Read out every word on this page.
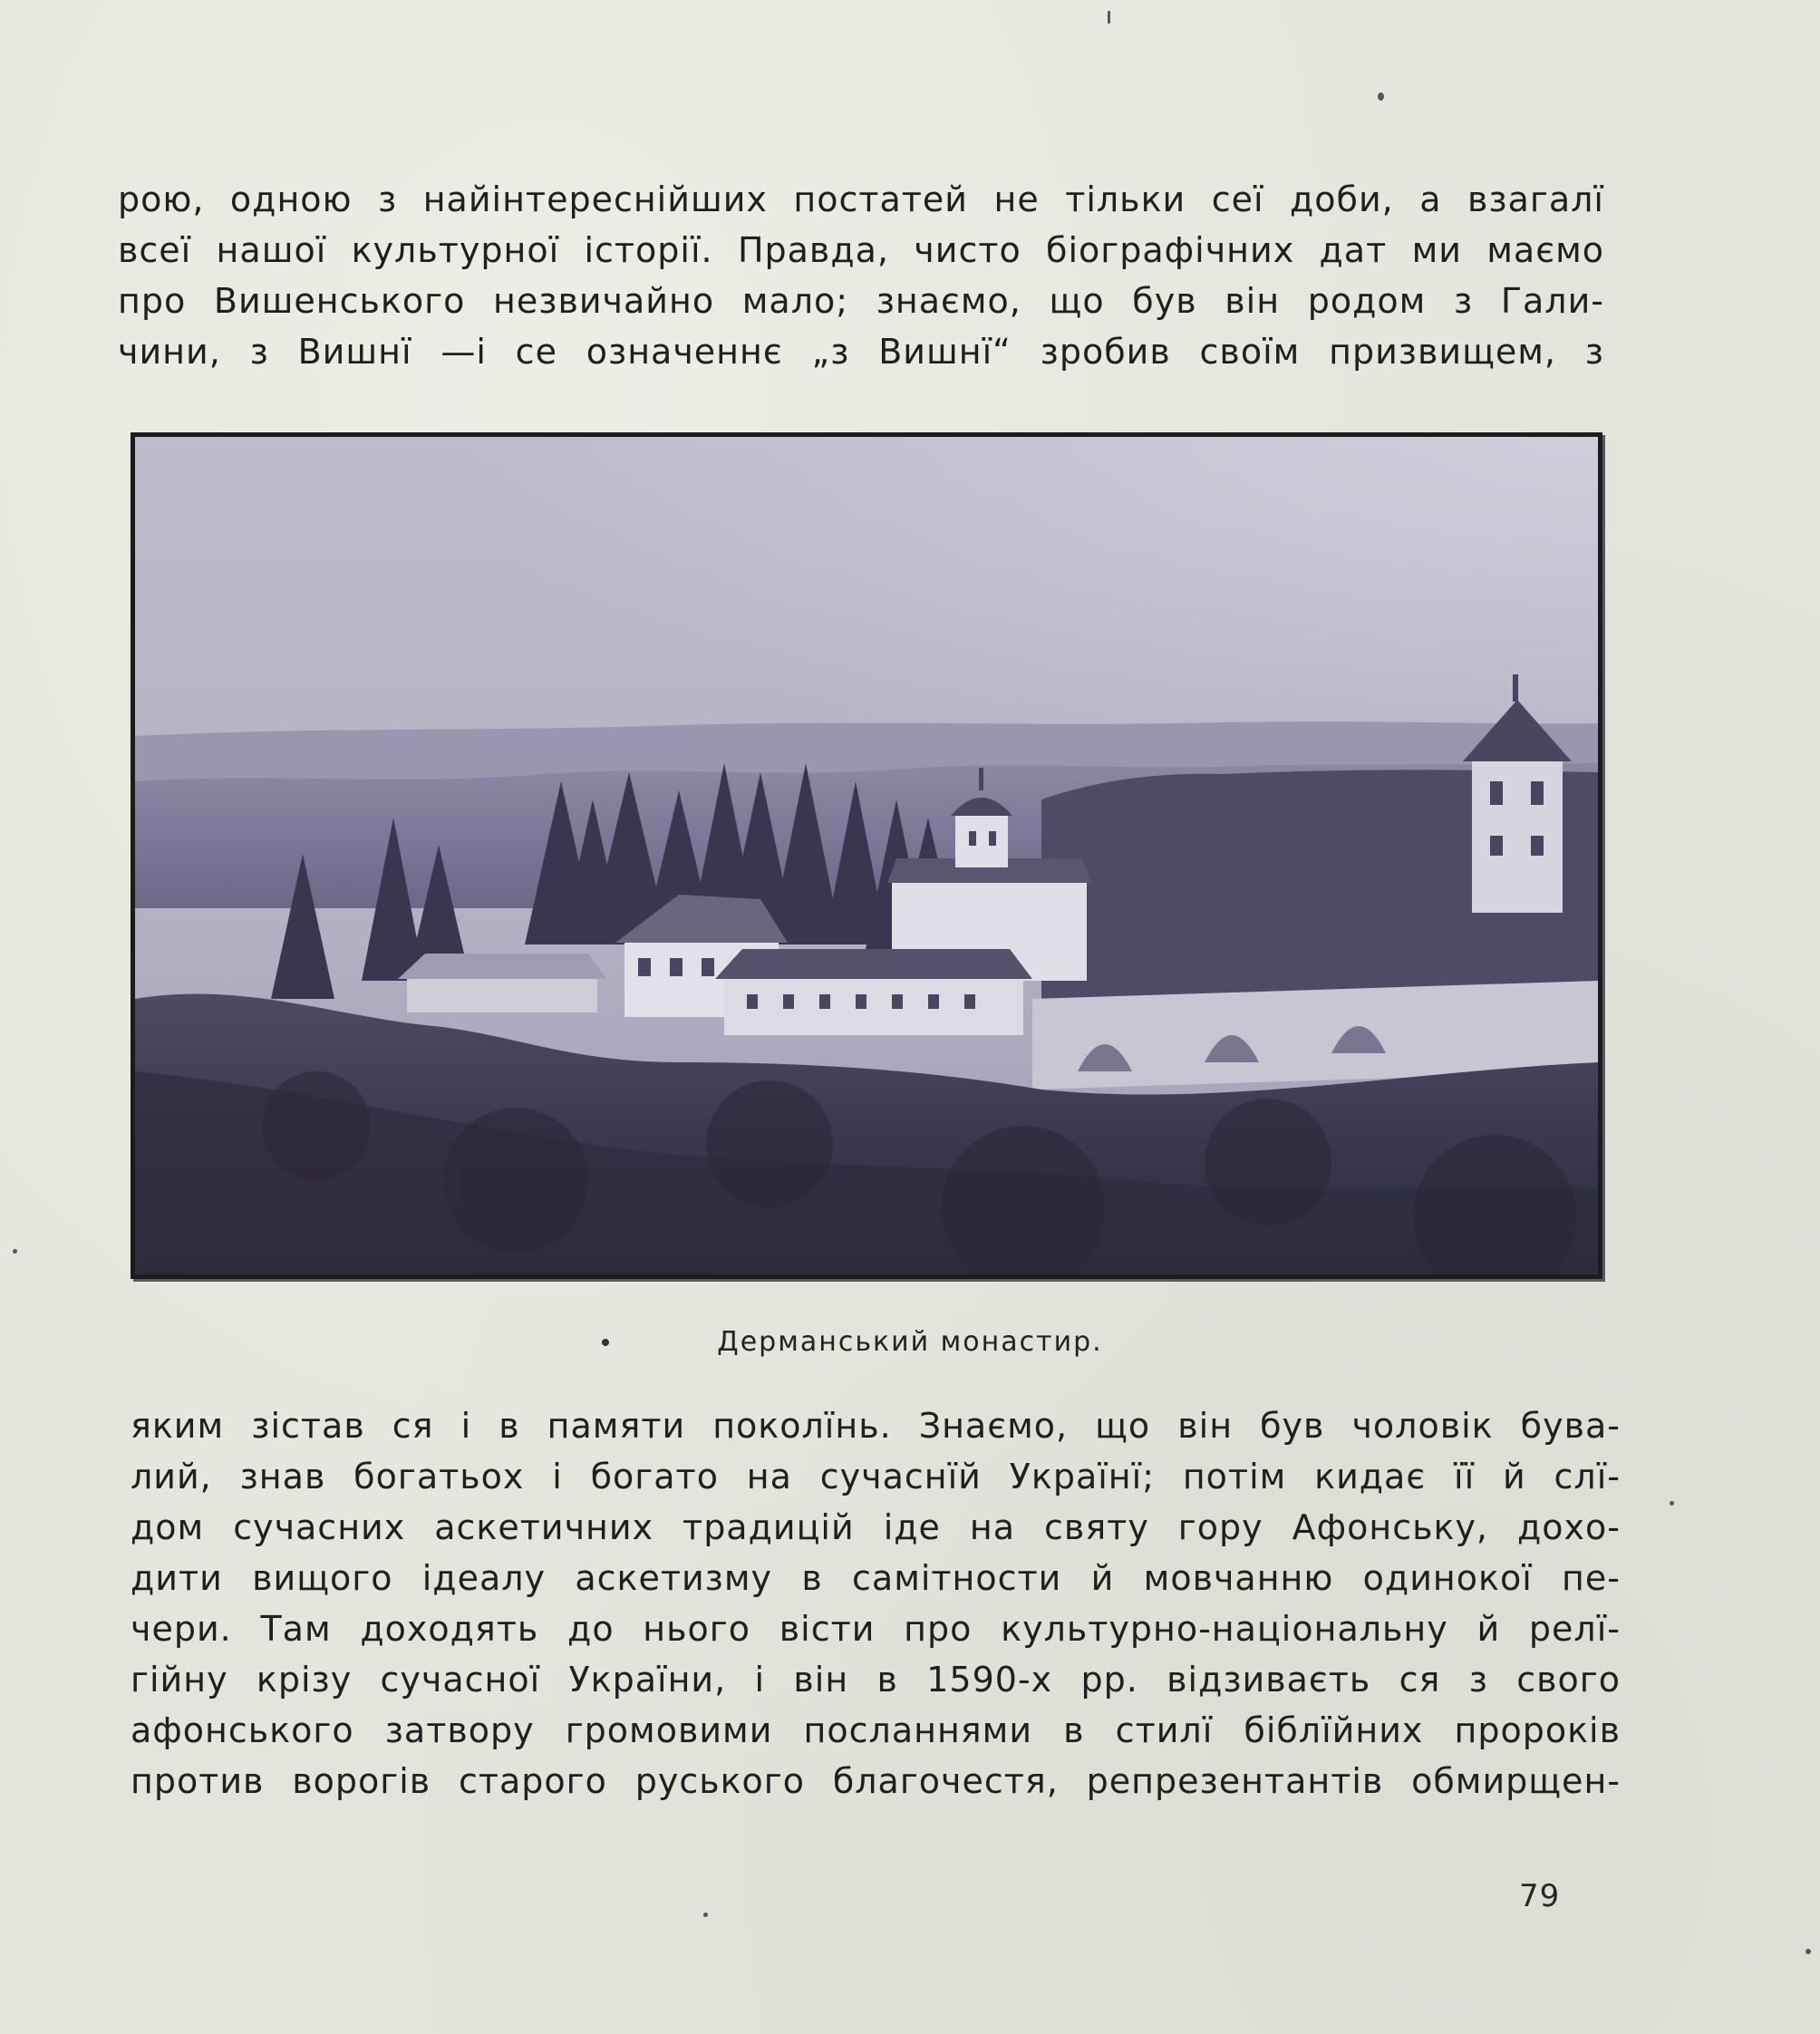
рою, одною з найінтереснійших постатей не тільки сеї доби, а взагалї
всеї нашої культурної історії. Правда, чисто біографічних дат ми маємо
про Вишенського незвичайно мало; знаємо, що був він родом з Гали-
чини, з Вишнї —і се означеннє „з Вишнї“ зробив своїм призвищем, з
Дерманський монастир.
яким зістав ся і в памяти поколїнь. Знаємо, що він був чоловік бува-
лий, знав богатьох і богато на сучаснїй Українї; потім кидає її й слї-
дом сучасних аскетичних традицій іде на святу гору Афонську, дохо-
дити вищого ідеалу аскетизму в самітности й мовчанню одинокої пе-
чери. Там доходять до нього вісти про культурно-національну й релї-
гійну крізу сучасної України, і він в 1590-х рр. відзиваєть ся з свого
афонського затвору громовими посланнями в стилї біблїйних пророків
против ворогів старого руського благочестя, репрезентантів обмирщен-
79
